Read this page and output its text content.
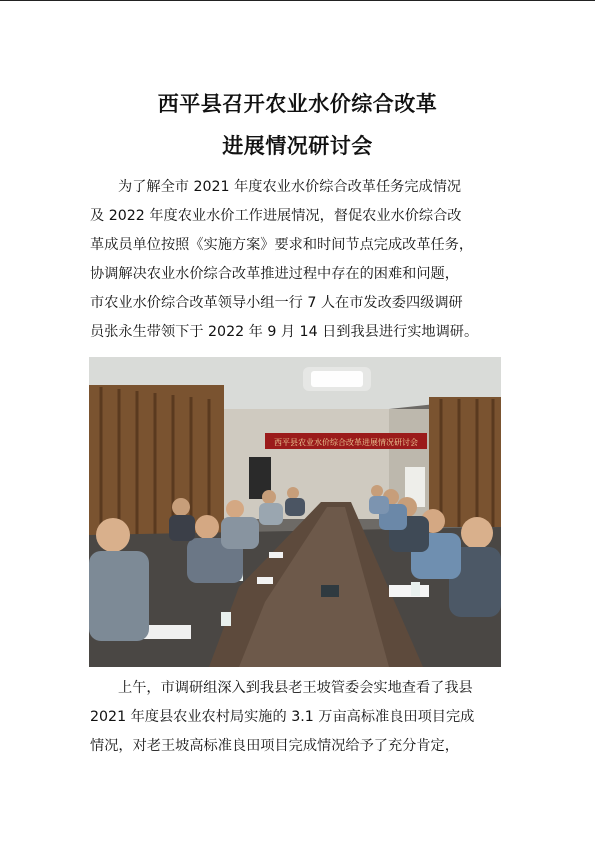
西平县召开农业水价综合改革
进展情况研讨会
为了解全市 2021 年度农业水价综合改革任务完成情况
及 2022 年度农业水价工作进展情况，督促农业水价综合改
革成员单位按照《实施方案》要求和时间节点完成改革任务，
协调解决农业水价综合改革推进过程中存在的困难和问题，
市农业水价综合改革领导小组一行 7 人在市发改委四级调研
员张永生带领下于 2022 年 9 月 14 日到我县进行实地调研。
西平县农业水价综合改革进展情况研讨会
上午，市调研组深入到我县老王坡管委会实地查看了我县
2021 年度县农业农村局实施的 3.1 万亩高标准良田项目完成
情况，对老王坡高标准良田项目完成情况给予了充分肯定，
